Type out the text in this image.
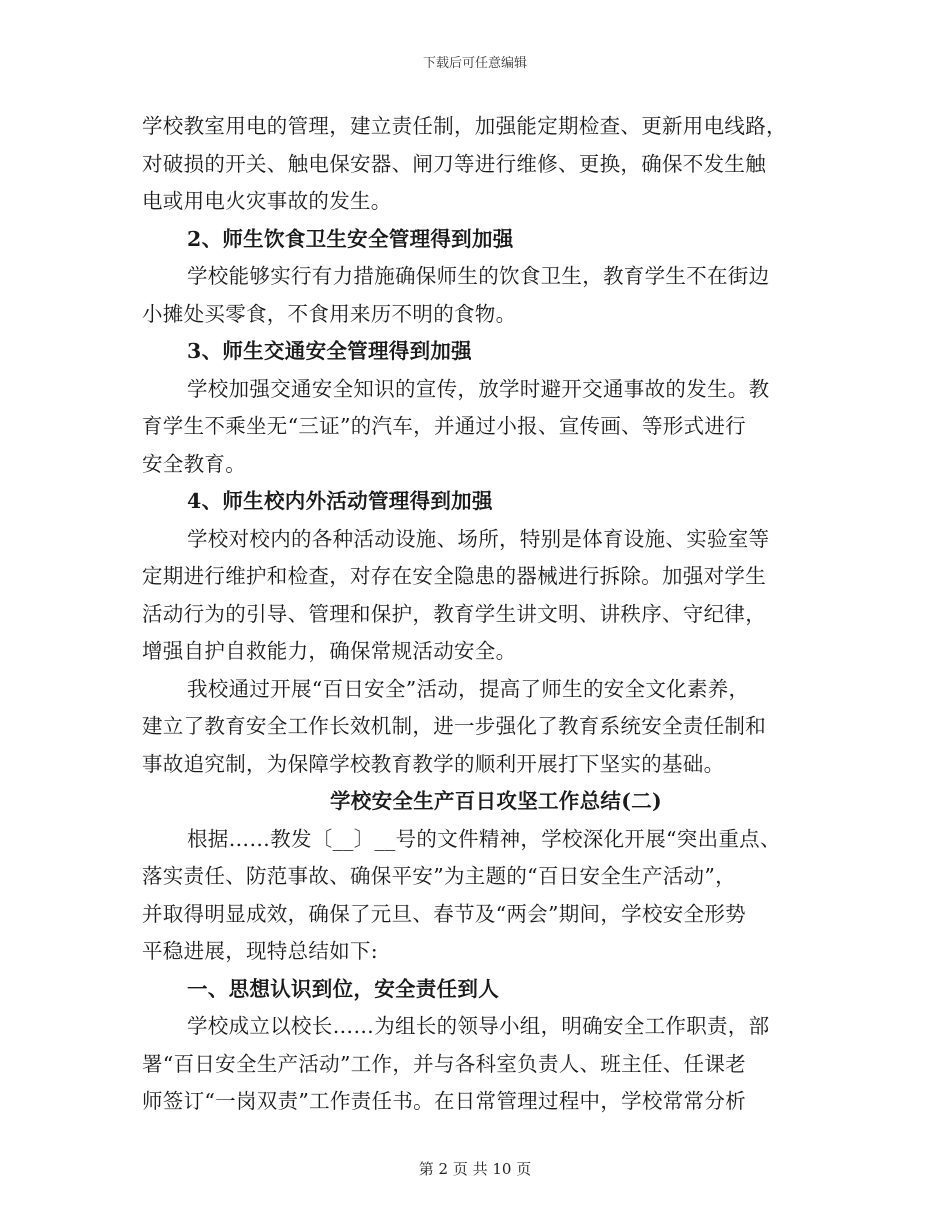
下载后可任意编辑
学校教室用电的管理，建立责任制，加强能定期检查、更新用电线路，
对破损的开关、触电保安器、闸刀等进行维修、更换，确保不发生触
电或用电火灾事故的发生。
2、师生饮食卫生安全管理得到加强
学校能够实行有力措施确保师生的饮食卫生，教育学生不在街边
小摊处买零食，不食用来历不明的食物。
3、师生交通安全管理得到加强
学校加强交通安全知识的宣传，放学时避开交通事故的发生。教
育学生不乘坐无“三证”的汽车，并通过小报、宣传画、等形式进行
安全教育。
4、师生校内外活动管理得到加强
学校对校内的各种活动设施、场所，特别是体育设施、实验室等
定期进行维护和检查，对存在安全隐患的器械进行拆除。加强对学生
活动行为的引导、管理和保护，教育学生讲文明、讲秩序、守纪律，
增强自护自救能力，确保常规活动安全。
我校通过开展“百日安全”活动，提高了师生的安全文化素养，
建立了教育安全工作长效机制，进一步强化了教育系统安全责任制和
事故追究制，为保障学校教育教学的顺利开展打下坚实的基础。
学校安全生产百日攻坚工作总结(二)
根据……教发〔__〕__号的文件精神，学校深化开展“突出重点、
落实责任、防范事故、确保平安”为主题的“百日安全生产活动”，
并取得明显成效，确保了元旦、春节及“两会”期间，学校安全形势
平稳进展，现特总结如下:
一、思想认识到位，安全责任到人
学校成立以校长……为组长的领导小组，明确安全工作职责，部
署“百日安全生产活动”工作，并与各科室负责人、班主任、任课老
师签订“一岗双责”工作责任书。在日常管理过程中，学校常常分析
第 2 页 共 10 页
